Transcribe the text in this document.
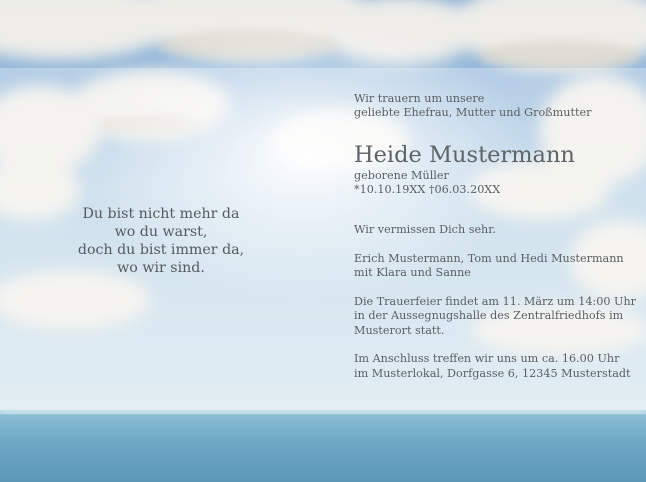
Du bist nicht mehr da
wo du warst,
doch du bist immer da,
wo wir sind.
Wir trauern um unsere
geliebte Ehefrau, Mutter und Großmutter
Heide Mustermann
geborene Müller
*10.10.19XX †06.03.20XX
Wir vermissen Dich sehr.
Erich Mustermann, Tom und Hedi Mustermann
mit Klara und Sanne
Die Trauerfeier findet am 11. März um 14:00 Uhr
in der Aussegnugshalle des Zentralfriedhofs im
Musterort statt.
Im Anschluss treffen wir uns um ca. 16.00 Uhr
im Musterlokal, Dorfgasse 6, 12345 Musterstadt
